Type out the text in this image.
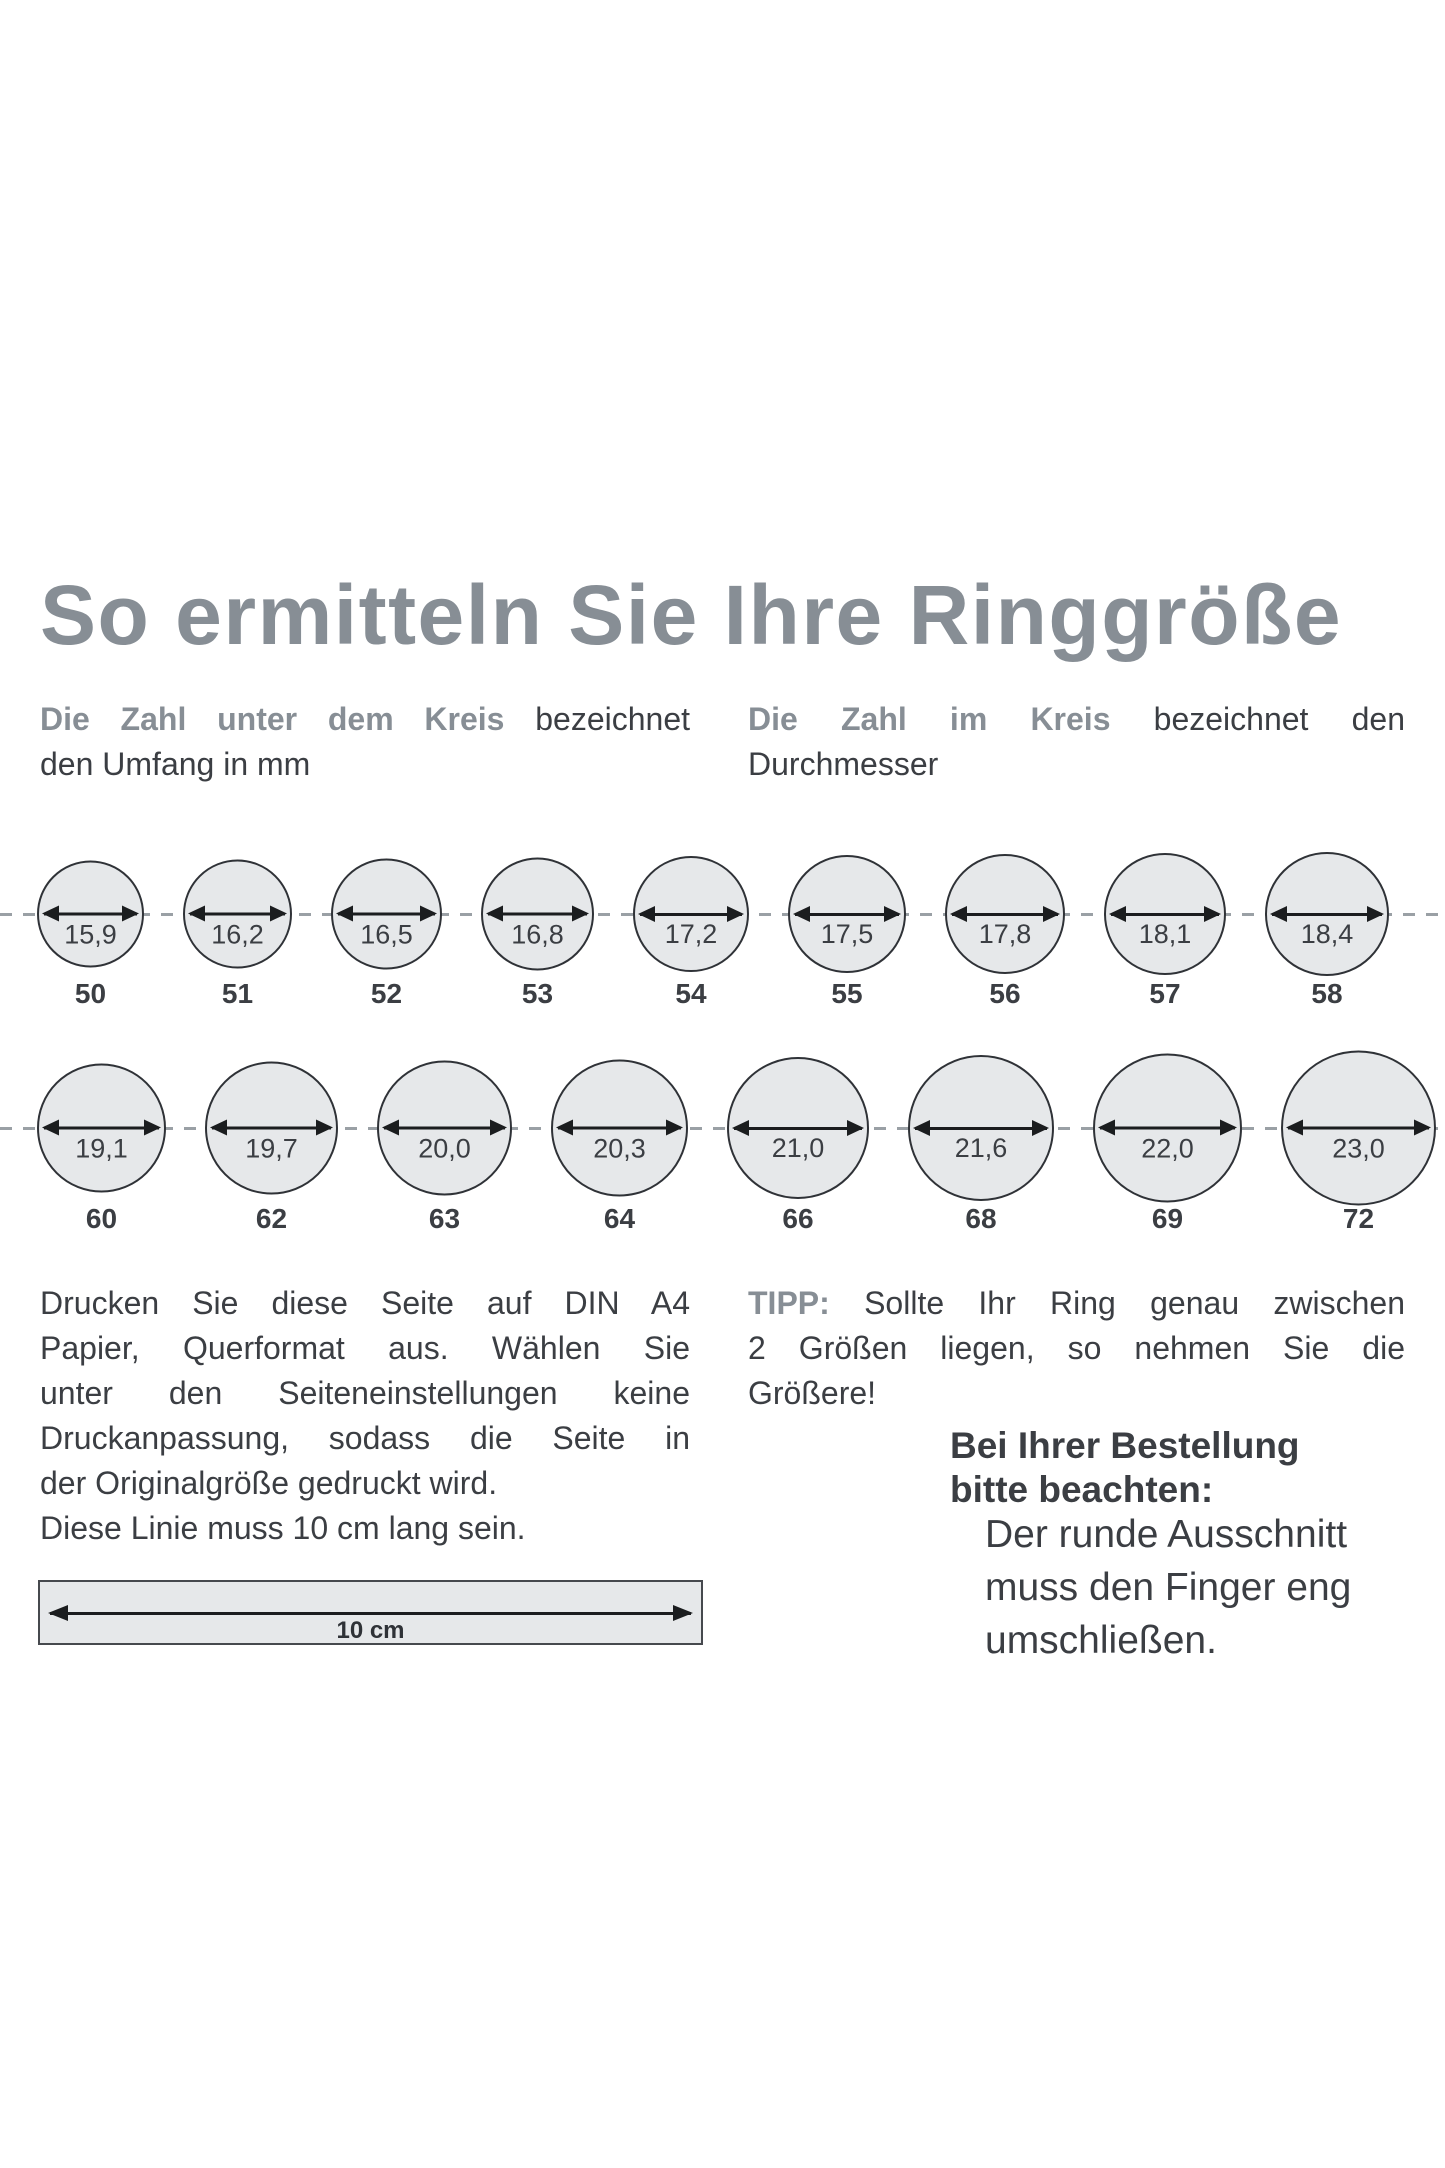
So ermitteln Sie Ihre Ringgröße
Die Zahl unter dem Kreis bezeichnet
den Umfang in mm
Die Zahl im Kreis bezeichnet den
Durchmesser
15,9
50
16,2
51
16,5
52
16,8
53
17,2
54
17,5
55
17,8
56
18,1
57
18,4
58
19,1
60
19,7
62
20,0
63
20,3
64
21,0
66
21,6
68
22,0
69
23,0
72
Drucken Sie diese Seite auf DIN A4
Papier, Querformat aus. Wählen Sie
unter den Seiteneinstellungen keine
Druckanpassung, sodass die Seite in
der Originalgröße gedruckt wird.
Diese Linie muss 10 cm lang sein.
10 cm
TIPP: Sollte Ihr Ring genau zwischen
2 Größen liegen, so nehmen Sie die
Größere!
Bei Ihrer Bestellung bitte beachten:
Der runde Ausschnitt muss den Finger eng umschließen.
